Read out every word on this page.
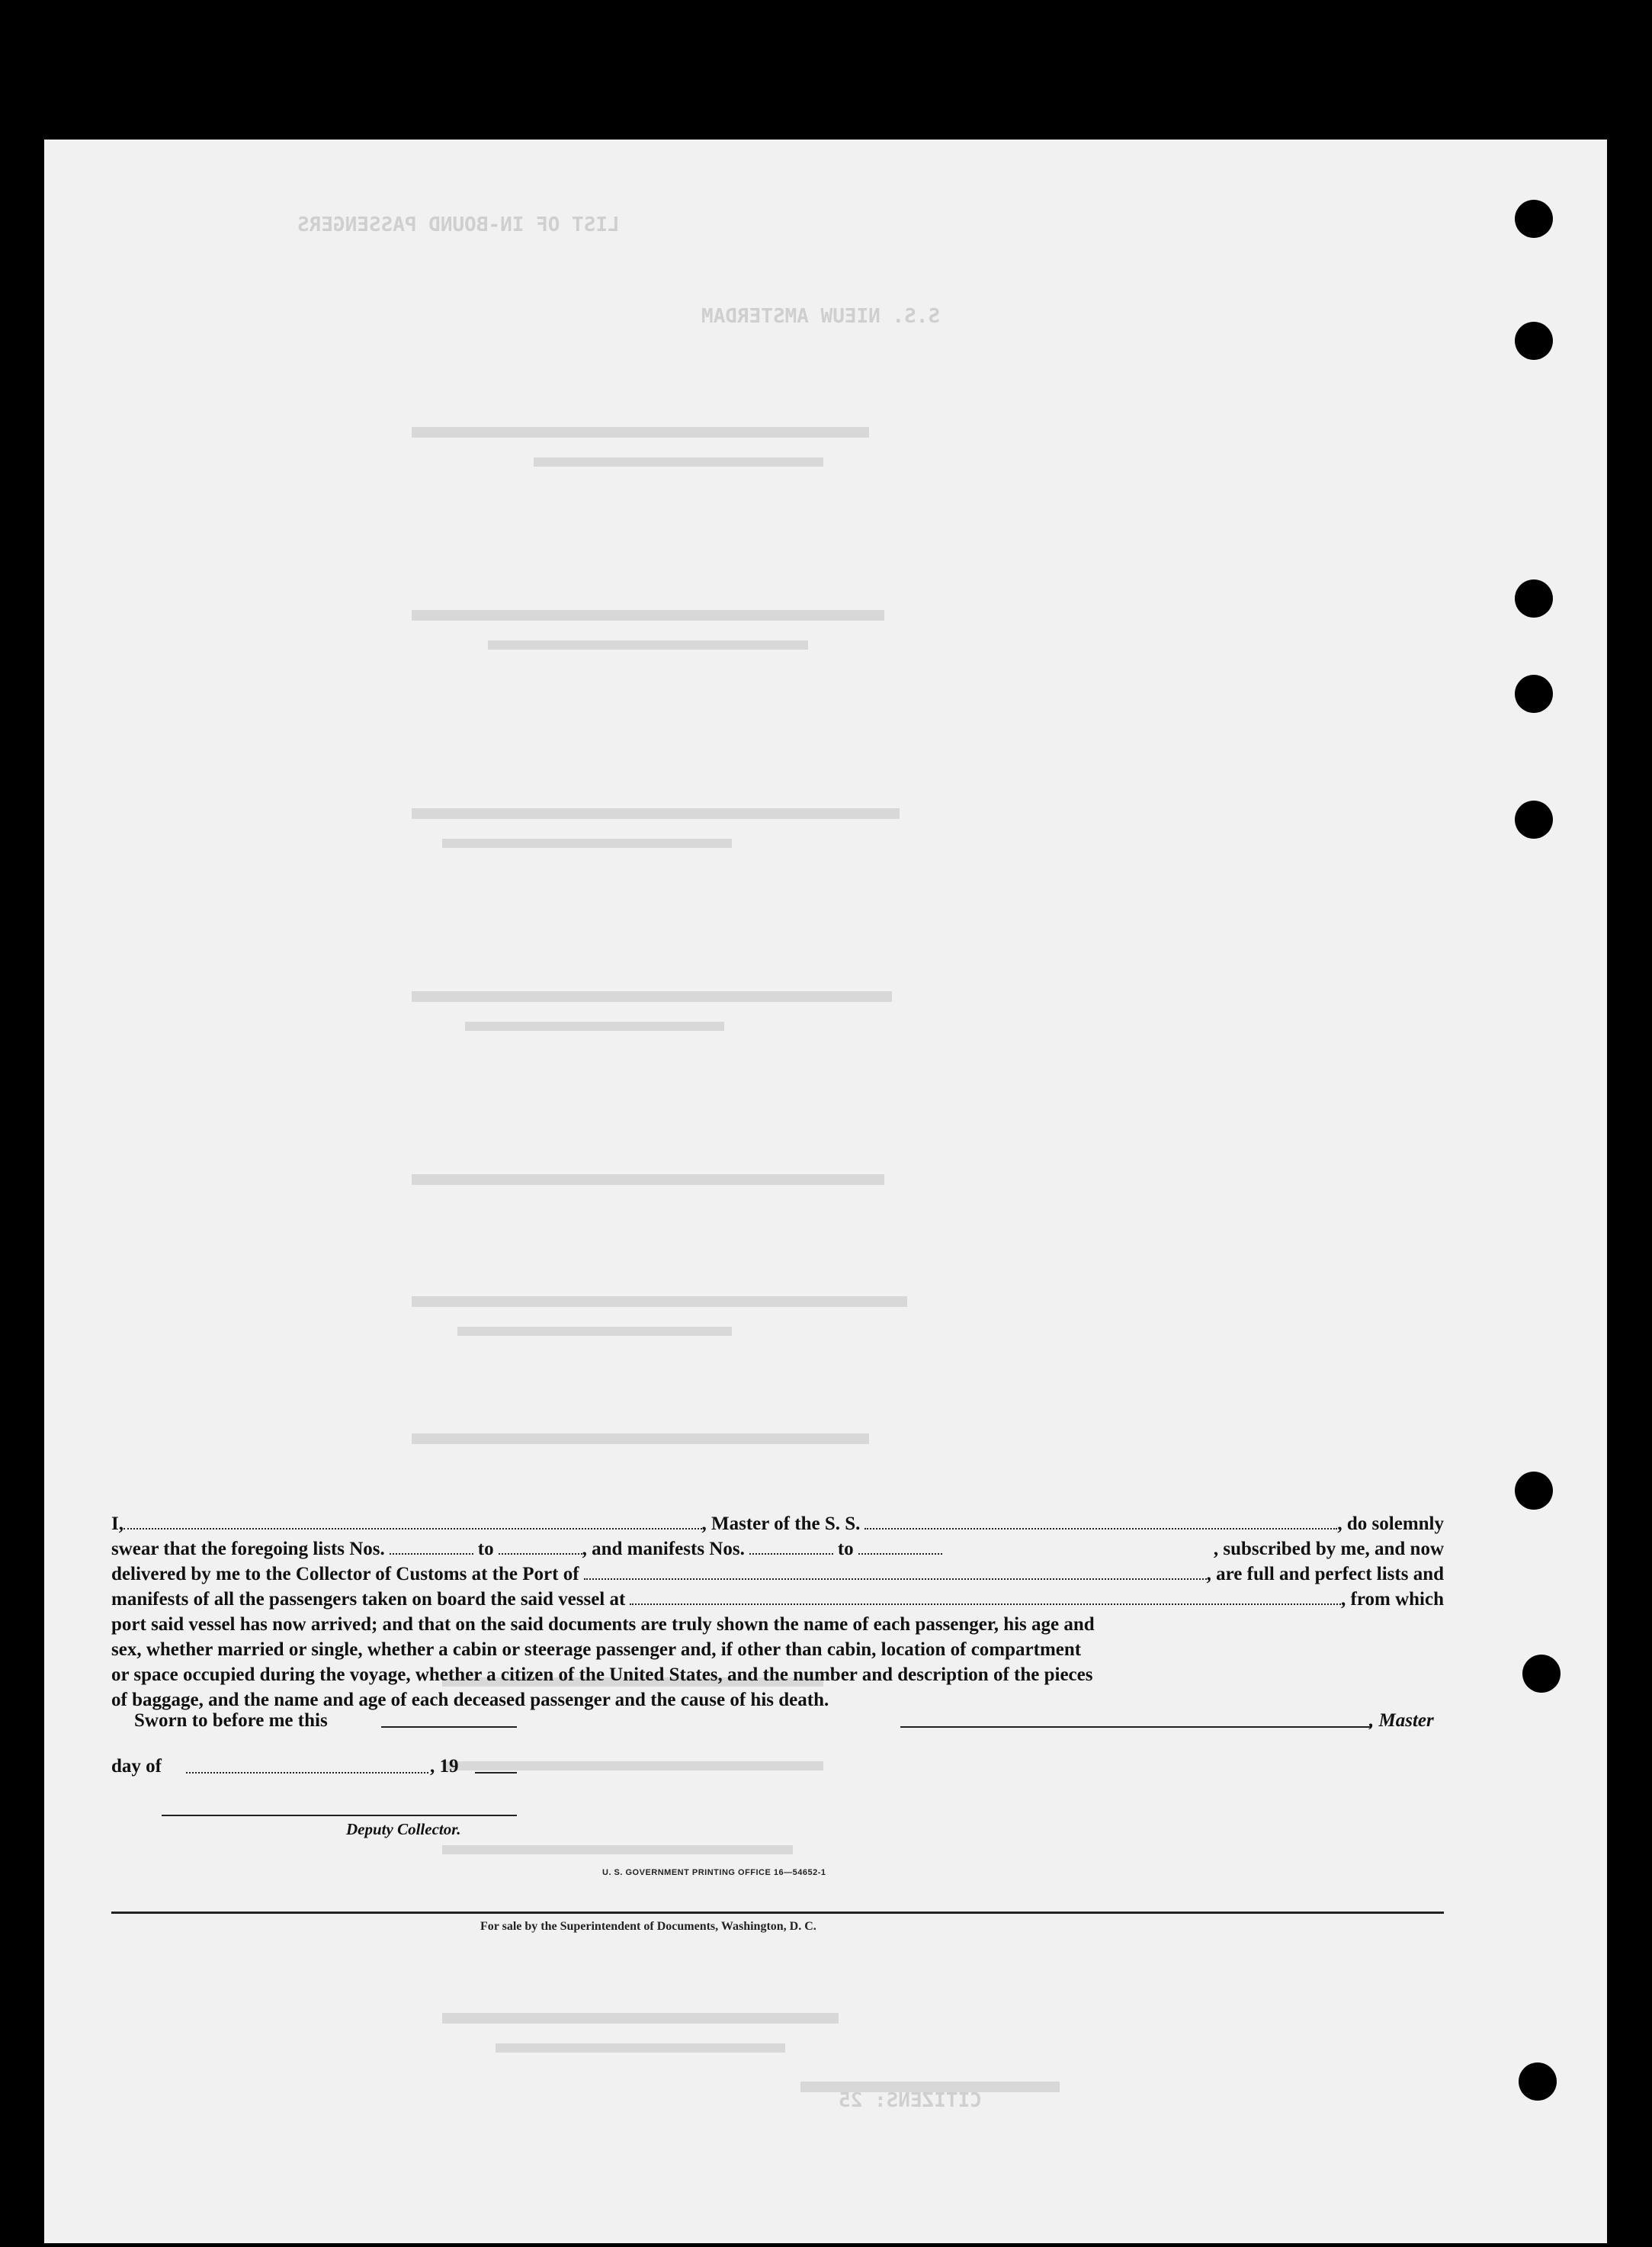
LIST OF IN-BOUND PASSENGERS
S.S. NIEUW AMSTERDAM
CITIZENS: 25
I,	, Master of the S. S.	, do solemnly
swear that the foregoing lists Nos.	to	, and manifests Nos.	to	, subscribed by me, and now
delivered by me to the Collector of Customs at the Port of	, are full and perfect lists and
manifests of all the passengers taken on board the said vessel at	, from which
port said vessel has now arrived; and that on the said documents are truly shown the name of each passenger, his age and
sex, whether married or single, whether a cabin or steerage passenger and, if other than cabin, location of compartment
or space occupied during the voyage, whether a citizen of the United States, and the number and description of the pieces
of baggage, and the name and age of each deceased passenger and the cause of his death.
Sworn to before me this
day of	, 19
, Master
Deputy Collector.
U. S. GOVERNMENT PRINTING OFFICE 16—54652-1
For sale by the Superintendent of Documents, Washington, D. C.
